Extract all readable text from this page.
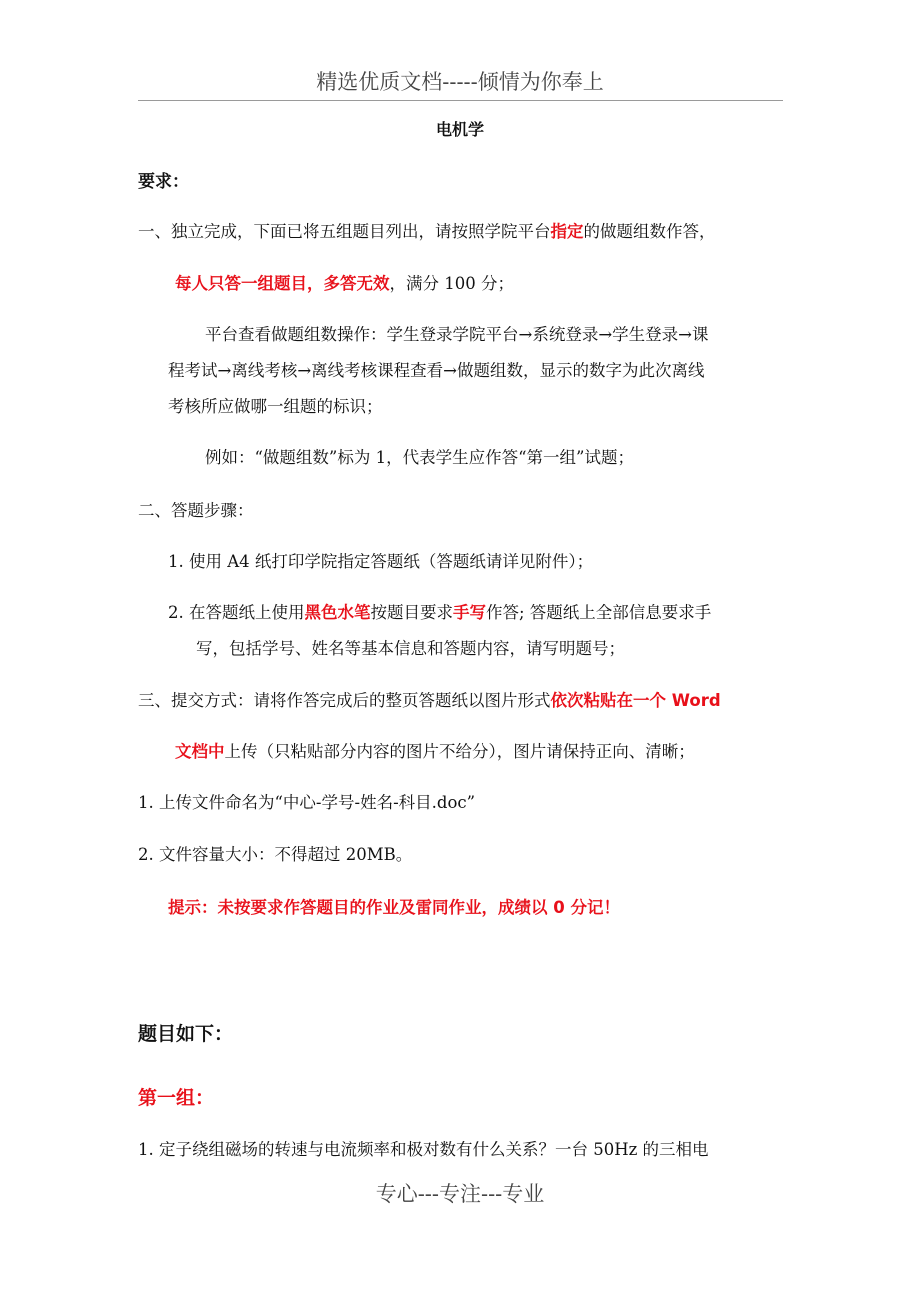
精选优质文档-----倾情为你奉上
电机学
要求：
一、独立完成，下面已将五组题目列出，请按照学院平台指定的做题组数作答，
每人只答一组题目，多答无效，满分 100 分；
平台查看做题组数操作：学生登录学院平台→系统登录→学生登录→课
程考试→离线考核→离线考核课程查看→做题组数，显示的数字为此次离线
考核所应做哪一组题的标识；
例如：“做题组数”标为 1，代表学生应作答“第一组”试题；
二、答题步骤：
1. 使用 A4 纸打印学院指定答题纸（答题纸请详见附件）；
2. 在答题纸上使用黑色水笔按题目要求手写作答; 答题纸上全部信息要求手
写，包括学号、姓名等基本信息和答题内容，请写明题号；
三、提交方式：请将作答完成后的整页答题纸以图片形式依次粘贴在一个 Word
文档中上传（只粘贴部分内容的图片不给分），图片请保持正向、清晰；
1. 上传文件命名为“中心-学号-姓名-科目.doc”
2. 文件容量大小：不得超过 20MB。
提示：未按要求作答题目的作业及雷同作业，成绩以 0 分记！
题目如下：
第一组：
1. 定子绕组磁场的转速与电流频率和极对数有什么关系？一台 50Hz 的三相电
专心---专注---专业
